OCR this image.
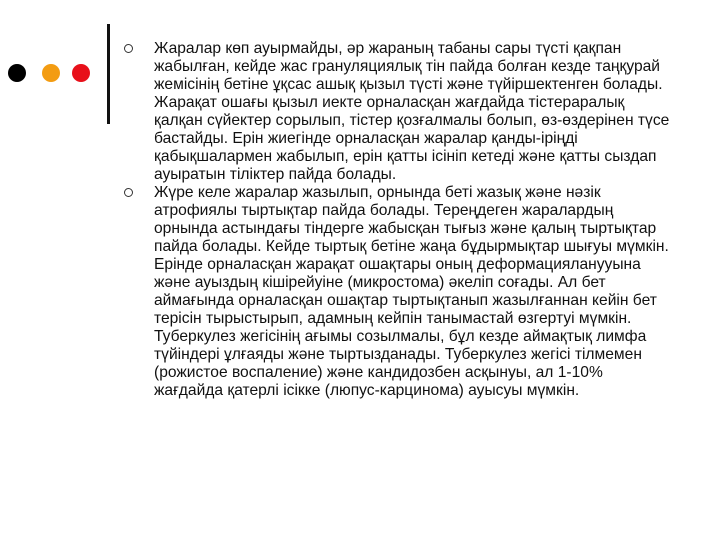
Жаралар көп ауырмайды, әр жараның табаны сары түсті қақпан жабылған, кейде жас грануляциялық тін пайда болған кезде таңқурай жемісінің бетіне ұқсас ашық қызыл түсті және түйіршектенген болады. Жарақат ошағы қызыл иекте орналасқан жағдайда тістераралық қалқан сүйектер сорылып, тістер қозғалмалы болып, өз-өздерінен түсе бастайды. Ерін жиегінде орналасқан жаралар қанды-іріңді қабықшалармен жабылып, ерін қатты ісініп кетеді және қатты сыздап ауыратын тіліктер пайда болады.
Жүре келе жаралар жазылып, орнында беті жазық және нәзік атрофиялы тыртықтар пайда болады. Тереңдеген жаралардың орнында астындағы тіндерге жабысқан тығыз және қалың тыртықтар пайда болады. Кейде тыртық бетіне жаңа бұдырмықтар шығуы мүмкін. Ерінде орналасқан жарақат ошақтары оның деформацияланууына және ауыздың кішірейуіне (микростома) әкеліп соғады. Ал бет аймағында орналасқан ошақтар тыртықтанып жазылғаннан кейін бет терісін тырыстырып, адамның кейпін танымастай өзгертуі мүмкін. Туберкулез жегісінің ағымы созылмалы, бұл кезде аймақтық лимфа түйіндері ұлғаяды және тыртызданады. Туберкулез жегісі тілмемен (рожистое воспаление) және кандидозбен асқынуы, ал 1-10% жағдайда қатерлі ісікке (люпус-карцинома) ауысуы мүмкін.
